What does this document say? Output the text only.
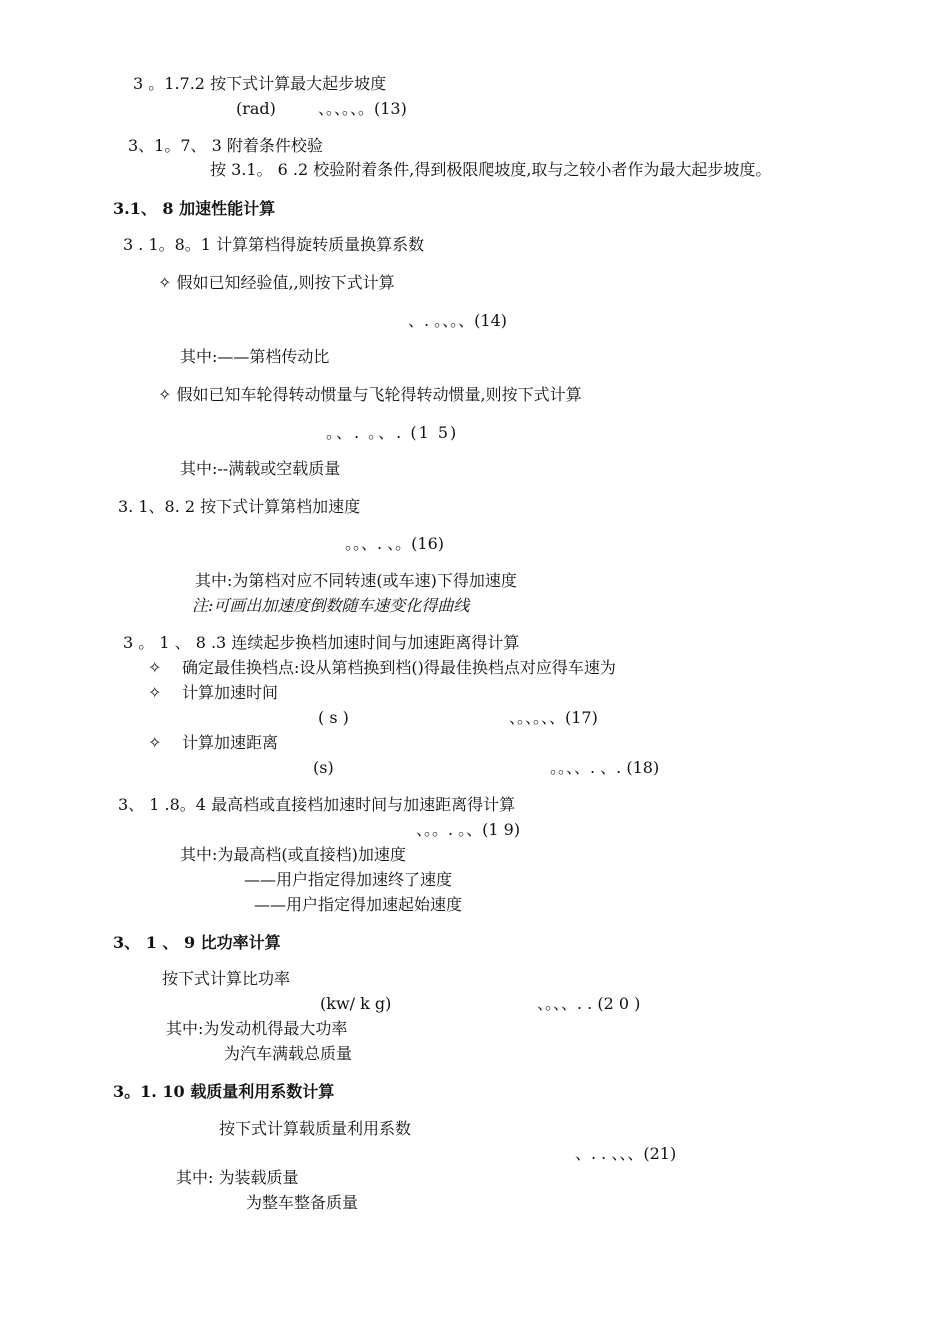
3 。1.7.2 按下式计算最大起步坡度
(rad)	、。、。、。(13)
3、1。7、 3 附着条件校验
按 3.1。 6 .2 校验附着条件,得到极限爬坡度,取与之较小者作为最大起步坡度。
3.1、 8 加速性能计算
3 . 1。8。1 计算第档得旋转质量换算系数
✧ 假如已知经验值,,则按下式计算
、. 。、。、(14)
其中:——第档传动比
✧ 假如已知车轮得转动惯量与飞轮得转动惯量,则按下式计算
。、. 。、. (1 5)
其中:--满载或空载质量
3. 1、8. 2 按下式计算第档加速度
。。、. 、。(16)
其中:为第档对应不同转速(或车速)下得加速度
注:可画出加速度倒数随车速变化得曲线
3 。 1 、 8 .3 连续起步换档加速时间与加速距离得计算
✧ 确定最佳换档点:设从第档换到档()得最佳换档点对应得车速为
✧ 计算加速时间
( s )	、。、。、、(17)
✧ 计算加速距离
(s)	。。、、. 、. (18)
3、 1 .8。4 最高档或直接档加速时间与加速距离得计算
、。。. 。、(1 9)
其中:为最高档(或直接档)加速度
——用户指定得加速终了速度
——用户指定得加速起始速度
3、 1 、 9 比功率计算
按下式计算比功率
(kw/ k g)	、。、、. . (2 0 )
其中:为发动机得最大功率
为汽车满载总质量
3。1. 10 载质量利用系数计算
按下式计算载质量利用系数
、. . 、、、(21)
其中: 为装载质量
为整车整备质量
